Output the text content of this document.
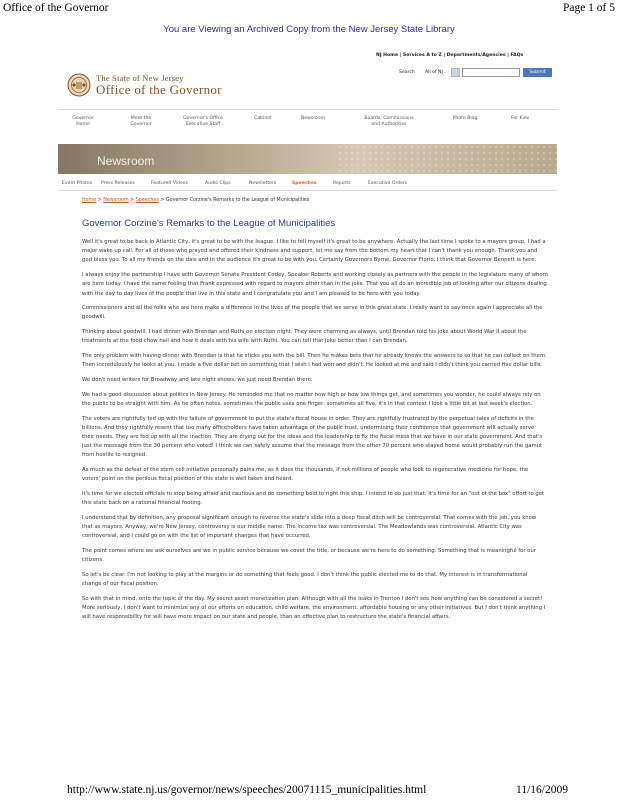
Office of the Governor	Page 1 of 5
You are Viewing an Archived Copy from the New Jersey State Library
NJ Home | Services A to Z | Departments/Agencies | FAQs
Search All of NJ	Submit
The State of New Jersey
Office of the Governor
Governor
Home
Meet the
Governor
Governor's Office
Executive Staff
Cabinet	Newsroom	Boards, Commissions
and Authorities
Photo Blog	For Kids
Newsroom
Event Photos Press Releases	Featured Videos	Audio Clips	Newsletters	Speeches	Reports	Executive Orders
Home > Newsroom > Speeches > Governor Corzine's Remarks to the League of Municipalities
Governor Corzine's Remarks to the League of Municipalities

Well it's great to be back in Atlantic City, it's great to be with the league. I like to tell myself it's great to be anywhere. Actually the last time I spoke to a mayors group, I had a major wake up call. For all of those who prayed and offered their kindness and support, let me say from the bottom my heart that I can't thank you enough. Thank you and god bless you. To all my friends on the dais and in the audience it's great to be with you. Certainly Governors Byrne, Governor Florio, I think that Governor Bennett is here.

I always enjoy the partnership I have with Governor Senate President Codey, Speaker Roberts and working closely as partners with the people in the legislature many of whom are here today. I have the same feeling that Frank expressed with regard to mayors other than in the joke. That you all do an incredible job of looking after our citizens dealing with the day to day lives of the people that live in this state and I congratulate you and I am pleased to be here with you today.

Commissioners and all the folks who are here make a difference in the lives of the people that we serve in this great state. I really want to say once again I appreciate all the goodwill.

Thinking about goodwill, I had dinner with Brendan and Ruthi on election night. They were charming as always, until Brendan told his joke about World War II about the treatments at the food chow hall and how it deals with his wife with Ruthi. You can tell that joke better than I can Brendan.

The only problem with having dinner with Brendan is that he sticks you with the bill. Then he makes bets that he already knows the answers to so that he can collect on them. Then incredulously he looks at you. I made a five dollar bet on something that I wish I had won and didn't. He looked at me and said I didn't think you carried five dollar bills.

We don't need writers for Broadway and late night shows, we just need Brendan there.

We had a good discussion about politics in New Jersey. He reminded me that no matter how high or how low things get, and sometimes you wonder, he could always rely on the public to be straight with him. As he often notes, sometimes the public uses one finger, sometimes all five, it's in that context I look a little bit at last week's election.

The voters are rightfully fed up with the failure of government to put the state's fiscal house in order. They are rightfully frustrated by the perpetual tales of deficits in the billions. And they rightfully resent that too many officeholders have taken advantage of the public trust, undermining their confidence that government will actually serve their needs. They are fed up with all the inaction. They are crying out for the ideas and the leadership to fix the fiscal mess that we have in our state government. And that's just the message from the 30 percent who voted! I think we can safely assume that the message from the other 70 percent who stayed home would probably run the gamut from hostile to resigned.

As much as the defeat of the stem cell initiative personally pains me, as it does the thousands, if not millions of people who look to regenerative medicine for hope, the voters' point on the perilous fiscal position of this state is well taken and heard.

It's time for we elected officials to stop being afraid and cautious and do something bold to right this ship. I intend to do just that. It's time for an "out of the box" effort to get this state back on a rational financial footing.

I understand that by definition, any proposal significant enough to reverse the state's slide into a deep fiscal ditch will be controversial. That comes with the job, you know that as mayors. Anyway, we're New Jersey, controversy is our middle name. The income tax was controversial. The Meadowlands was controversial. Atlantic City was controversial, and I could go on with the list of important changes that have occurred.

The point comes where we ask ourselves are we in public service because we covet the title, or because we're here to do something. Something that is meaningful for our citizens.

So let's be clear. I'm not looking to play at the margins or do something that feels good. I don't think the public elected me to do that. My interest is in transformational change of our fiscal position.

So with that in mind, onto the topic of the day. My secret asset monetization plan. Although with all the leaks in Trenton I don't see how anything can be considered a secret! More seriously, I don't want to minimize any of our efforts on education, child welfare, the environment, affordable housing or any other initiatives. But I don't think anything I will have responsibility for will have more impact on our state and people, than an effective plan to restructure the state's financial affairs.

http://www.state.nj.us/governor/news/speeches/20071115_municipalities.html	11/16/2009
